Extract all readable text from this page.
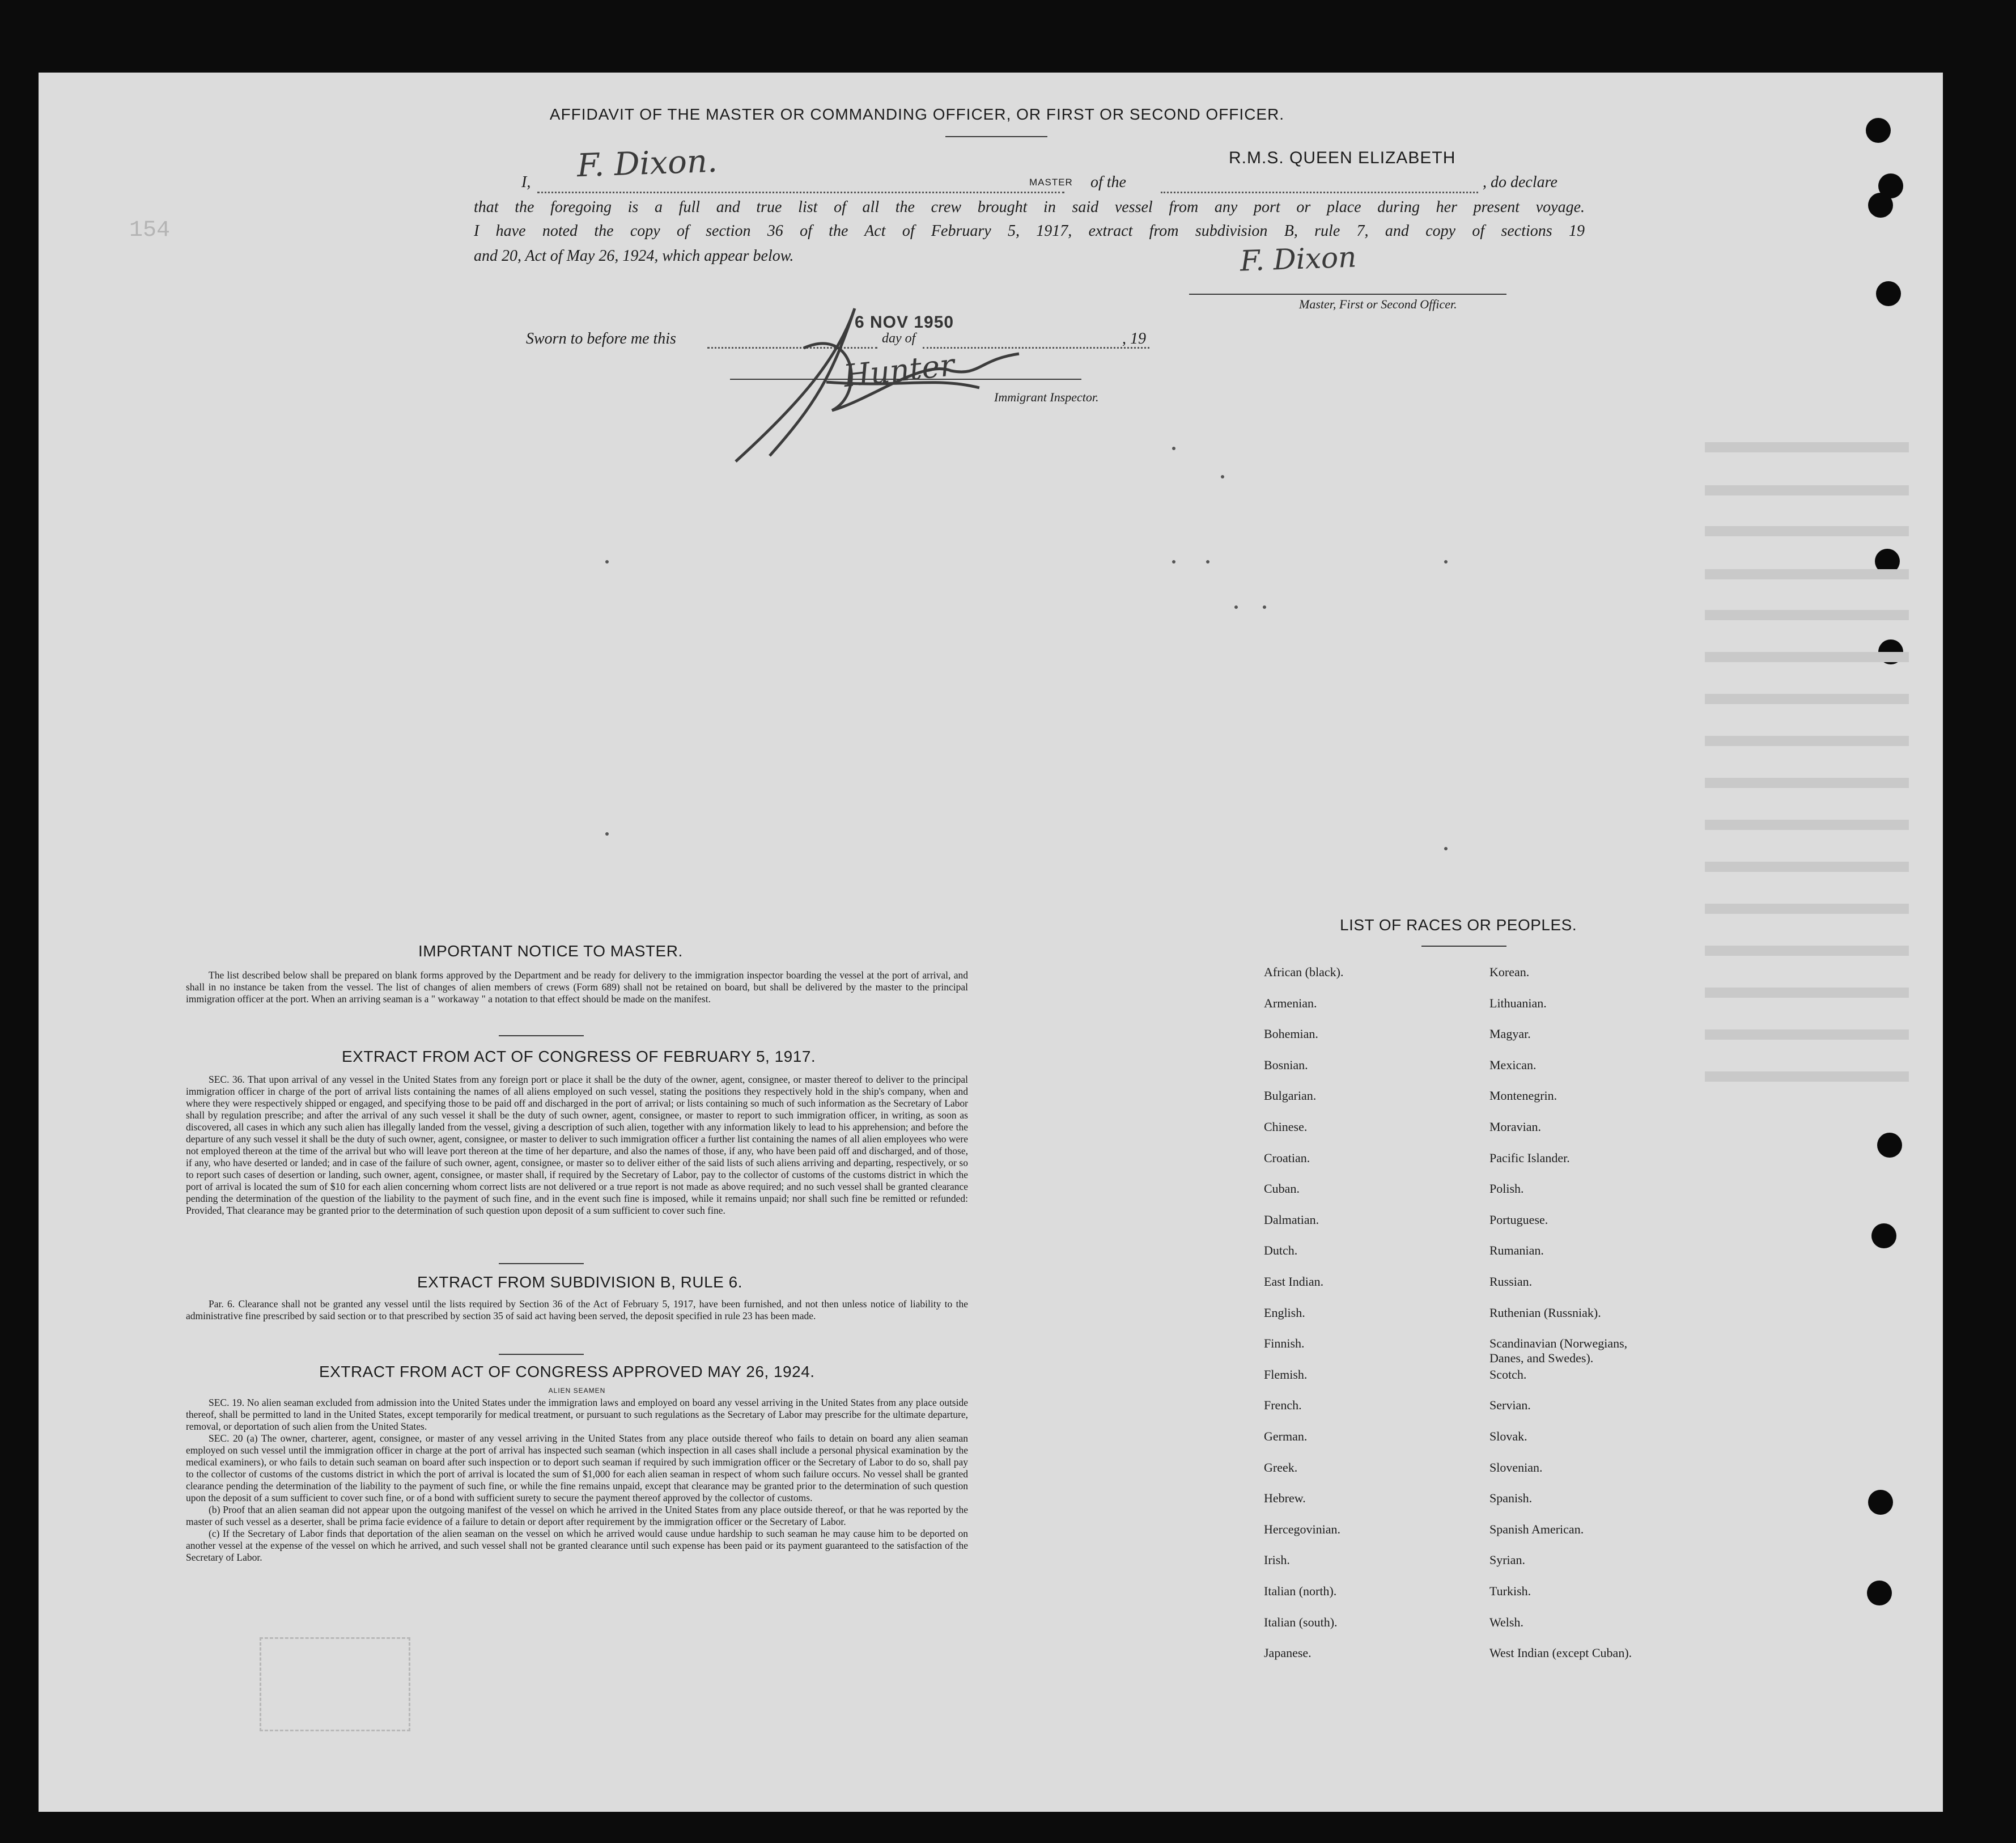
154
AFFIDAVIT OF THE MASTER OR COMMANDING OFFICER, OR FIRST OR SECOND OFFICER.
I, F. Dixon.	MASTER of the
R.M.S. QUEEN ELIZABETH
, do declare
that the foregoing is a full and true list of all the crew brought in said vessel from any port or place during her present voyage.
I have noted the copy of section 36 of the Act of February 5, 1917, extract from subdivision B, rule 7, and copy of sections 19
and 20, Act of May 26, 1924, which appear below.	F. Dixon
Master, First or Second Officer.
Sworn to before me this	day of
6 NOV 1950
, 19
Hunter
Immigrant Inspector.
IMPORTANT NOTICE TO MASTER.

The list described below shall be prepared on blank forms approved by the Department and be ready for delivery to the immigration inspector boarding the vessel at the port of arrival, and shall in no instance be taken from the vessel. The list of changes of alien members of crews (Form 689) shall not be retained on board, but shall be delivered by the master to the principal immigration officer at the port. When an arriving seaman is a " workaway " a notation to that effect should be made on the manifest.

EXTRACT FROM ACT OF CONGRESS OF FEBRUARY 5, 1917.

SEC. 36. That upon arrival of any vessel in the United States from any foreign port or place it shall be the duty of the owner, agent, consignee, or master thereof to deliver to the principal immigration officer in charge of the port of arrival lists containing the names of all aliens employed on such vessel, stating the positions they respectively hold in the ship's company, when and where they were respectively shipped or engaged, and specifying those to be paid off and discharged in the port of arrival; or lists containing so much of such information as the Secretary of Labor shall by regulation prescribe; and after the arrival of any such vessel it shall be the duty of such owner, agent, consignee, or master to report to such immigration officer, in writing, as soon as discovered, all cases in which any such alien has illegally landed from the vessel, giving a description of such alien, together with any information likely to lead to his apprehension; and before the departure of any such vessel it shall be the duty of such owner, agent, consignee, or master to deliver to such immigration officer a further list containing the names of all alien employees who were not employed thereon at the time of the arrival but who will leave port thereon at the time of her departure, and also the names of those, if any, who have been paid off and discharged, and of those, if any, who have deserted or landed; and in case of the failure of such owner, agent, consignee, or master so to deliver either of the said lists of such aliens arriving and departing, respectively, or so to report such cases of desertion or landing, such owner, agent, consignee, or master shall, if required by the Secretary of Labor, pay to the collector of customs of the customs district in which the port of arrival is located the sum of $10 for each alien concerning whom correct lists are not delivered or a true report is not made as above required; and no such vessel shall be granted clearance pending the determination of the question of the liability to the payment of such fine, and in the event such fine is imposed, while it remains unpaid; nor shall such fine be remitted or refunded: Provided, That clearance may be granted prior to the determination of such question upon deposit of a sum sufficient to cover such fine.

EXTRACT FROM SUBDIVISION B, RULE 6.

Par. 6. Clearance shall not be granted any vessel until the lists required by Section 36 of the Act of February 5, 1917, have been furnished, and not then unless notice of liability to the administrative fine prescribed by said section or to that prescribed by section 35 of said act having been served, the deposit specified in rule 23 has been made.

EXTRACT FROM ACT OF CONGRESS APPROVED MAY 26, 1924.
ALIEN SEAMEN

SEC. 19. No alien seaman excluded from admission into the United States under the immigration laws and employed on board any vessel arriving in the United States from any place outside thereof, shall be permitted to land in the United States, except temporarily for medical treatment, or pursuant to such regulations as the Secretary of Labor may prescribe for the ultimate departure, removal, or deportation of such alien from the United States.

SEC. 20 (a) The owner, charterer, agent, consignee, or master of any vessel arriving in the United States from any place outside thereof who fails to detain on board any alien seaman employed on such vessel until the immigration officer in charge at the port of arrival has inspected such seaman (which inspection in all cases shall include a personal physical examination by the medical examiners), or who fails to detain such seaman on board after such inspection or to deport such seaman if required by such immigration officer or the Secretary of Labor to do so, shall pay to the collector of customs of the customs district in which the port of arrival is located the sum of $1,000 for each alien seaman in respect of whom such failure occurs. No vessel shall be granted clearance pending the determination of the liability to the payment of such fine, or while the fine remains unpaid, except that clearance may be granted prior to the determination of such question upon the deposit of a sum sufficient to cover such fine, or of a bond with sufficient surety to secure the payment thereof approved by the collector of customs.

(b) Proof that an alien seaman did not appear upon the outgoing manifest of the vessel on which he arrived in the United States from any place outside thereof, or that he was reported by the master of such vessel as a deserter, shall be prima facie evidence of a failure to detain or deport after requirement by the immigration officer or the Secretary of Labor.

(c) If the Secretary of Labor finds that deportation of the alien seaman on the vessel on which he arrived would cause undue hardship to such seaman he may cause him to be deported on another vessel at the expense of the vessel on which he arrived, and such vessel shall not be granted clearance until such expense has been paid or its payment guaranteed to the satisfaction of the Secretary of Labor.

LIST OF RACES OR PEOPLES.
African (black).
Armenian.
Bohemian.
Bosnian.
Bulgarian.
Chinese.
Croatian.
Cuban.
Dalmatian.
Dutch.
East Indian.
English.
Finnish.
Flemish.
French.
German.
Greek.
Hebrew.
Hercegovinian.
Irish.
Italian (north).
Italian (south).
Japanese.
Korean.
Lithuanian.
Magyar.
Mexican.
Montenegrin.
Moravian.
Pacific Islander.
Polish.
Portuguese.
Rumanian.
Russian.
Ruthenian (Russniak).
Scandinavian (Norwegians,
Danes, and Swedes).
Scotch.
Servian.
Slovak.
Slovenian.
Spanish.
Spanish American.
Syrian.
Turkish.
Welsh.
West Indian (except Cuban).
